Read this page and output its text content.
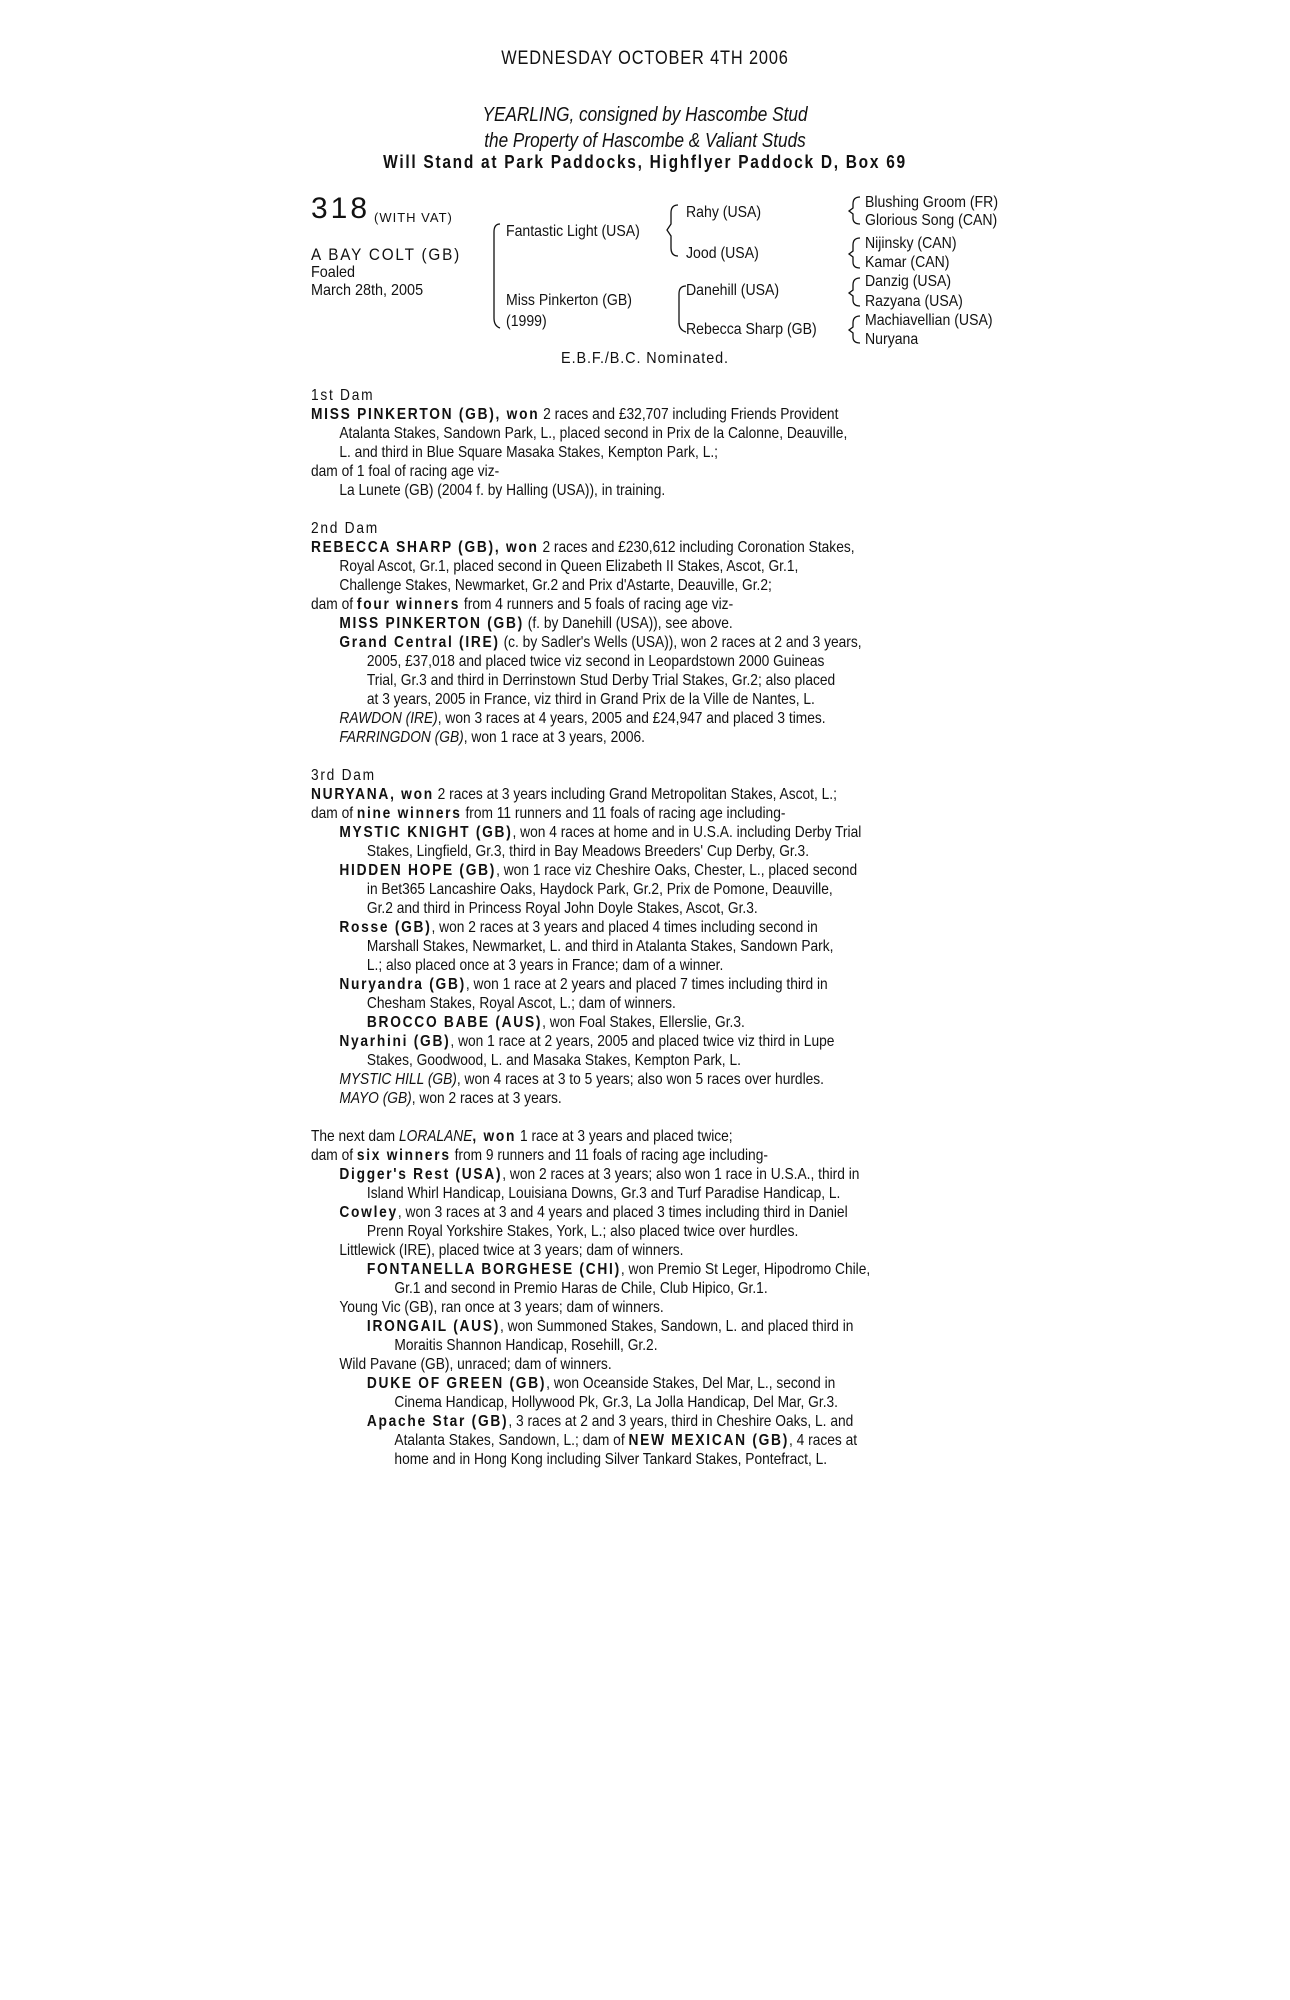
WEDNESDAY OCTOBER 4TH 2006
YEARLING, consigned by Hascombe Stud
the Property of Hascombe & Valiant Studs
Will Stand at Park Paddocks, Highflyer Paddock D, Box 69
318 (WITH VAT)
A BAY COLT (GB)
Foaled
March 28th, 2005
Fantastic Light (USA)
Miss Pinkerton (GB)
(1999)
Rahy (USA)
Jood (USA)
Danehill (USA)
Rebecca Sharp (GB)
Blushing Groom (FR)
Glorious Song (CAN)
Nijinsky (CAN)
Kamar (CAN)
Danzig (USA)
Razyana (USA)
Machiavellian (USA)
Nuryana
E.B.F./B.C. Nominated.
1st Dam
MISS PINKERTON (GB), won 2 races and £32,707 including Friends Provident
Atalanta Stakes, Sandown Park, L., placed second in Prix de la Calonne, Deauville,
L. and third in Blue Square Masaka Stakes, Kempton Park, L.;
dam of 1 foal of racing age viz-
La Lunete (GB) (2004 f. by Halling (USA)), in training.
2nd Dam
REBECCA SHARP (GB), won 2 races and £230,612 including Coronation Stakes,
Royal Ascot, Gr.1, placed second in Queen Elizabeth II Stakes, Ascot, Gr.1,
Challenge Stakes, Newmarket, Gr.2 and Prix d'Astarte, Deauville, Gr.2;
dam of four winners from 4 runners and 5 foals of racing age viz-
MISS PINKERTON (GB) (f. by Danehill (USA)), see above.
Grand Central (IRE) (c. by Sadler's Wells (USA)), won 2 races at 2 and 3 years,
2005, £37,018 and placed twice viz second in Leopardstown 2000 Guineas
Trial, Gr.3 and third in Derrinstown Stud Derby Trial Stakes, Gr.2; also placed
at 3 years, 2005 in France, viz third in Grand Prix de la Ville de Nantes, L.
RAWDON (IRE), won 3 races at 4 years, 2005 and £24,947 and placed 3 times.
FARRINGDON (GB), won 1 race at 3 years, 2006.
3rd Dam
NURYANA, won 2 races at 3 years including Grand Metropolitan Stakes, Ascot, L.;
dam of nine winners from 11 runners and 11 foals of racing age including-
MYSTIC KNIGHT (GB), won 4 races at home and in U.S.A. including Derby Trial
Stakes, Lingfield, Gr.3, third in Bay Meadows Breeders' Cup Derby, Gr.3.
HIDDEN HOPE (GB), won 1 race viz Cheshire Oaks, Chester, L., placed second
in Bet365 Lancashire Oaks, Haydock Park, Gr.2, Prix de Pomone, Deauville,
Gr.2 and third in Princess Royal John Doyle Stakes, Ascot, Gr.3.
Rosse (GB), won 2 races at 3 years and placed 4 times including second in
Marshall Stakes, Newmarket, L. and third in Atalanta Stakes, Sandown Park,
L.; also placed once at 3 years in France; dam of a winner.
Nuryandra (GB), won 1 race at 2 years and placed 7 times including third in
Chesham Stakes, Royal Ascot, L.; dam of winners.
BROCCO BABE (AUS), won Foal Stakes, Ellerslie, Gr.3.
Nyarhini (GB), won 1 race at 2 years, 2005 and placed twice viz third in Lupe
Stakes, Goodwood, L. and Masaka Stakes, Kempton Park, L.
MYSTIC HILL (GB), won 4 races at 3 to 5 years; also won 5 races over hurdles.
MAYO (GB), won 2 races at 3 years.
The next dam LORALANE, won 1 race at 3 years and placed twice;
dam of six winners from 9 runners and 11 foals of racing age including-
Digger's Rest (USA), won 2 races at 3 years; also won 1 race in U.S.A., third in
Island Whirl Handicap, Louisiana Downs, Gr.3 and Turf Paradise Handicap, L.
Cowley, won 3 races at 3 and 4 years and placed 3 times including third in Daniel
Prenn Royal Yorkshire Stakes, York, L.; also placed twice over hurdles.
Littlewick (IRE), placed twice at 3 years; dam of winners.
FONTANELLA BORGHESE (CHI), won Premio St Leger, Hipodromo Chile,
Gr.1 and second in Premio Haras de Chile, Club Hipico, Gr.1.
Young Vic (GB), ran once at 3 years; dam of winners.
IRONGAIL (AUS), won Summoned Stakes, Sandown, L. and placed third in
Moraitis Shannon Handicap, Rosehill, Gr.2.
Wild Pavane (GB), unraced; dam of winners.
DUKE OF GREEN (GB), won Oceanside Stakes, Del Mar, L., second in
Cinema Handicap, Hollywood Pk, Gr.3, La Jolla Handicap, Del Mar, Gr.3.
Apache Star (GB), 3 races at 2 and 3 years, third in Cheshire Oaks, L. and
Atalanta Stakes, Sandown, L.; dam of NEW MEXICAN (GB), 4 races at
home and in Hong Kong including Silver Tankard Stakes, Pontefract, L.
